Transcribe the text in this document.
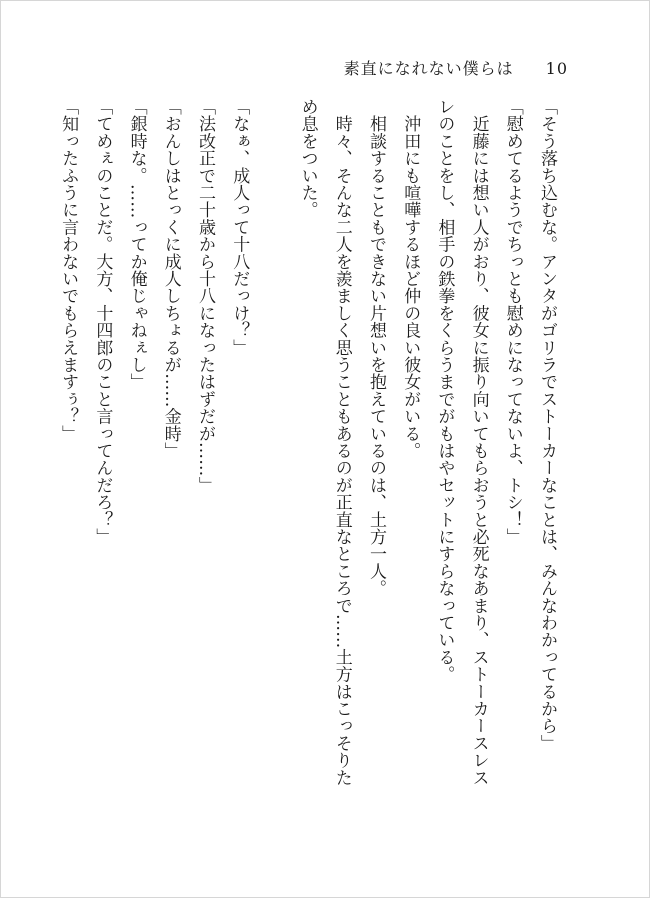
素直になれない僕らは 10
「そう落ち込むな。アンタがゴリラでストーカーなことは、みんなわかってるから」
「慰めてるようでちっとも慰めになってないよ、トシ！」
　近藤には想い人がおり、彼女に振り向いてもらおうと必死なあまり、ストーカースレス
レのことをし、相手の鉄拳をくらうまでがもはやセットにすらなっている。
　沖田にも喧嘩するほど仲の良い彼女がいる。
　相談することもできない片想いを抱えているのは、土方一人。
　時々、そんな二人を羨ましく思うこともあるのが正直なところで……土方はこっそりた
め息をついた。
「なぁ、成人って十八だっけ？」
「法改正で二十歳から十八になったはずだが……」
「おんしはとっくに成人しちょるが……金時」
「銀時な。……ってか俺じゃねぇし」
「てめぇのことだ。大方、十四郎のこと言ってんだろ？」
「知ったふうに言わないでもらえますぅ？」
